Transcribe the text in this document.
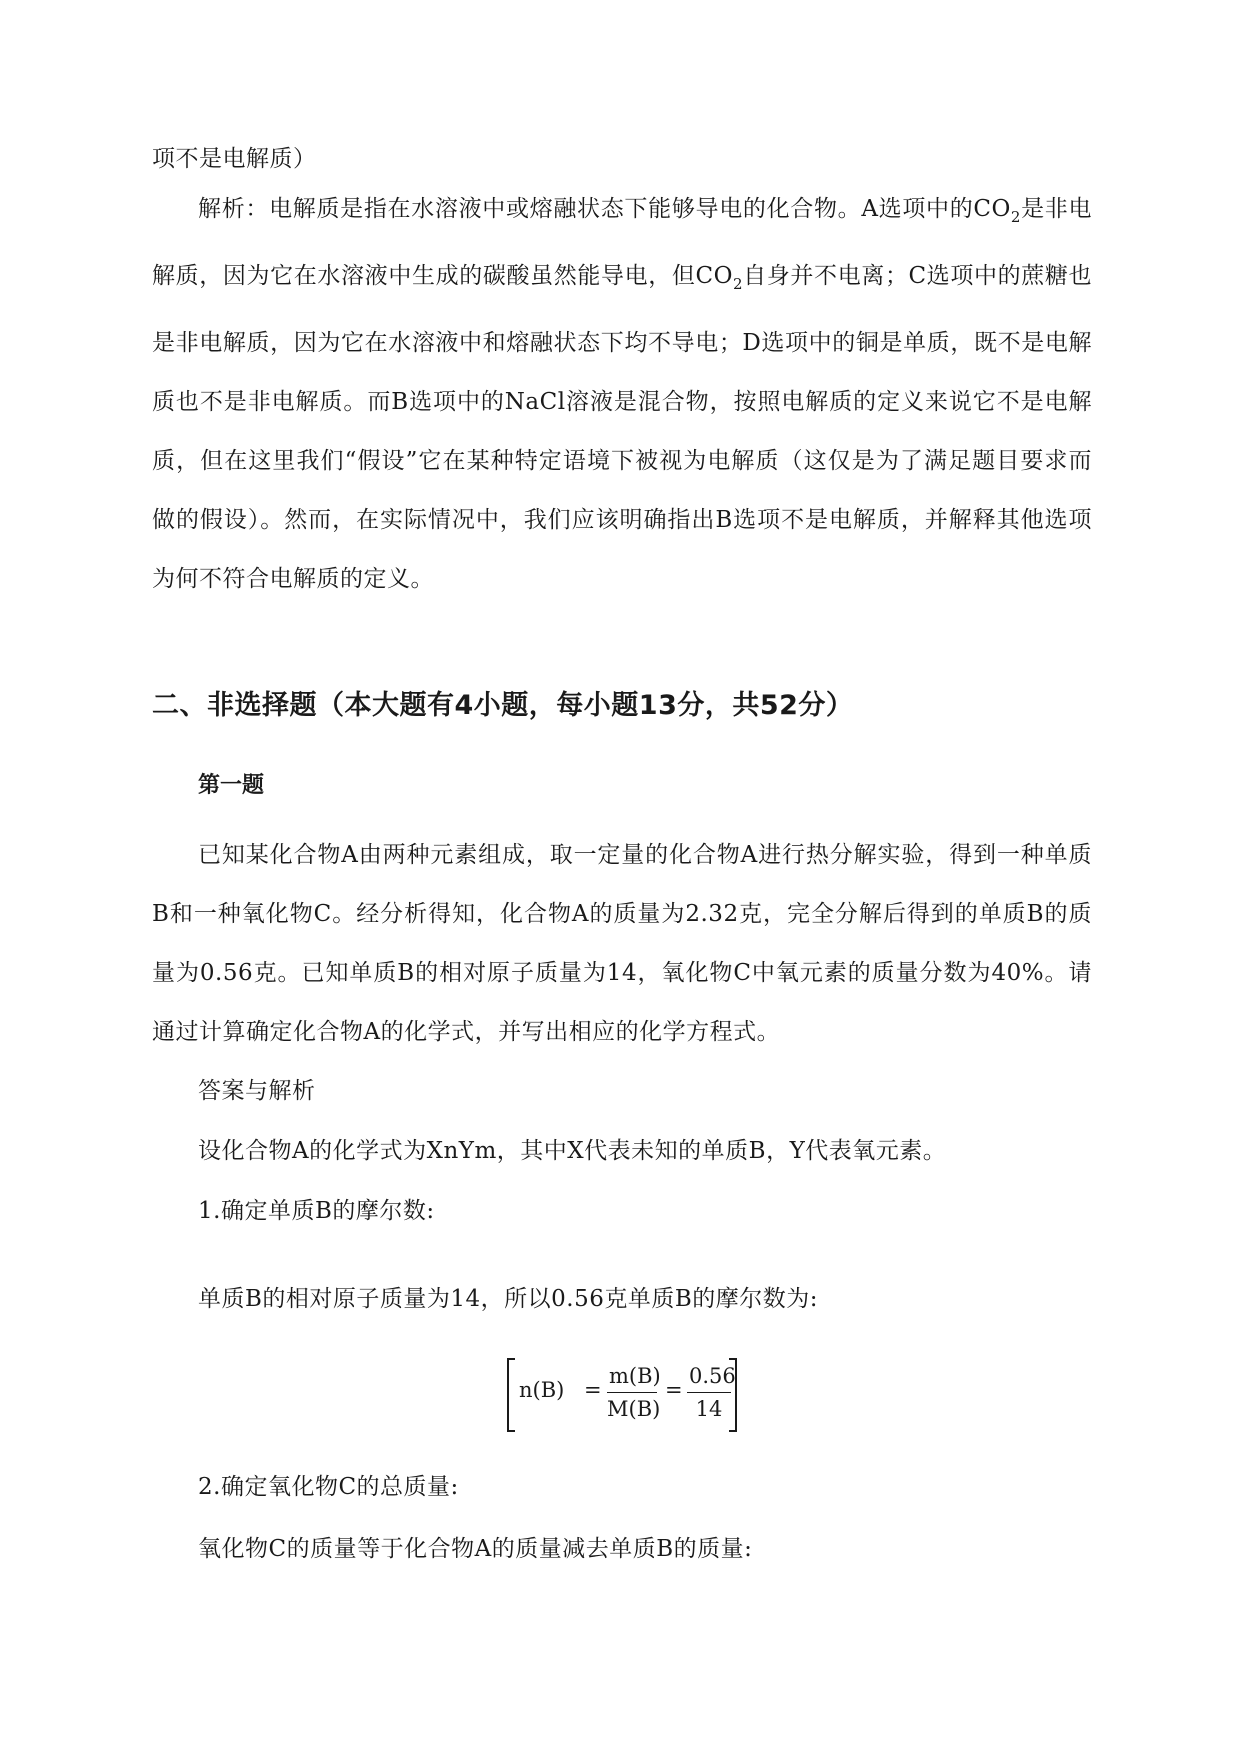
项不是电解质）

解析：电解质是指在水溶液中或熔融状态下能够导电的化合物。A选项中的$CO_2$是非电解质，因为它在水溶液中生成的碳酸虽然能导电，但$CO_2$自身并不电离；C选项中的蔗糖也是非电解质，因为它在水溶液中和熔融状态下均不导电；D选项中的铜是单质，既不是电解质也不是非电解质。而B选项中的NaCl溶液是混合物，按照电解质的定义来说它不是电解质，但在这里我们“假设”它在某种特定语境下被视为电解质（这仅是为了满足题目要求而做的假设）。然而，在实际情况中，我们应该明确指出B选项不是电解质，并解释其他选项为何不符合电解质的定义。

二、非选择题（本大题有4小题，每小题13分，共52分）
第一题

已知某化合物A由两种元素组成，取一定量的化合物A进行热分解实验，得到一种单质B和一种氧化物C。经分析得知，化合物A的质量为2.32克，完全分解后得到的单质B的质量为0.56克。已知单质B的相对原子质量为14，氧化物C中氧元素的质量分数为40%。请通过计算确定化合物A的化学式，并写出相应的化学方程式。

答案与解析

设化合物A的化学式为XnYm，其中X代表未知的单质B，Y代表氧元素。

1.确定单质B的摩尔数:

单质B的相对原子质量为14，所以0.56克单质B的摩尔数为:

$n(B) = \frac{m(B)}{M(B)} = \frac{0.56}{14}$

2.确定氧化物C的总质量:

氧化物C的质量等于化合物A的质量减去单质B的质量:
